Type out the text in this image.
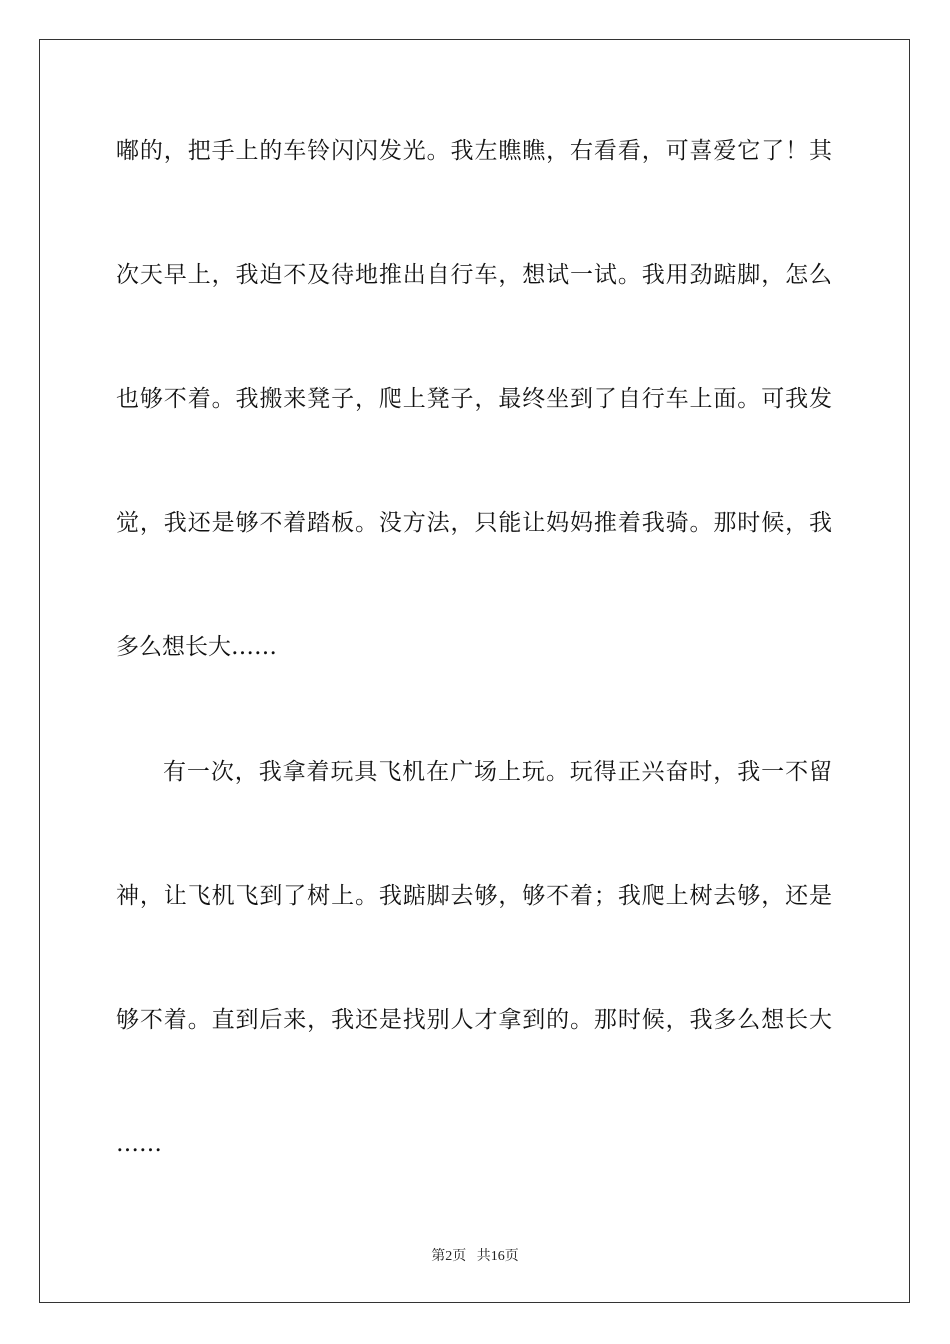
嘟的，把手上的车铃闪闪发光。我左瞧瞧，右看看，可喜爱它了！其

次天早上，我迫不及待地推出自行车，想试一试。我用劲踮脚，怎么

也够不着。我搬来凳子，爬上凳子，最终坐到了自行车上面。可我发

觉，我还是够不着踏板。没方法，只能让妈妈推着我骑。那时候，我

多么想长大……

有一次，我拿着玩具飞机在广场上玩。玩得正兴奋时，我一不留

神，让飞机飞到了树上。我踮脚去够，够不着；我爬上树去够，还是

够不着。直到后来，我还是找别人才拿到的。那时候，我多么想长大

……

第2页 共16页
